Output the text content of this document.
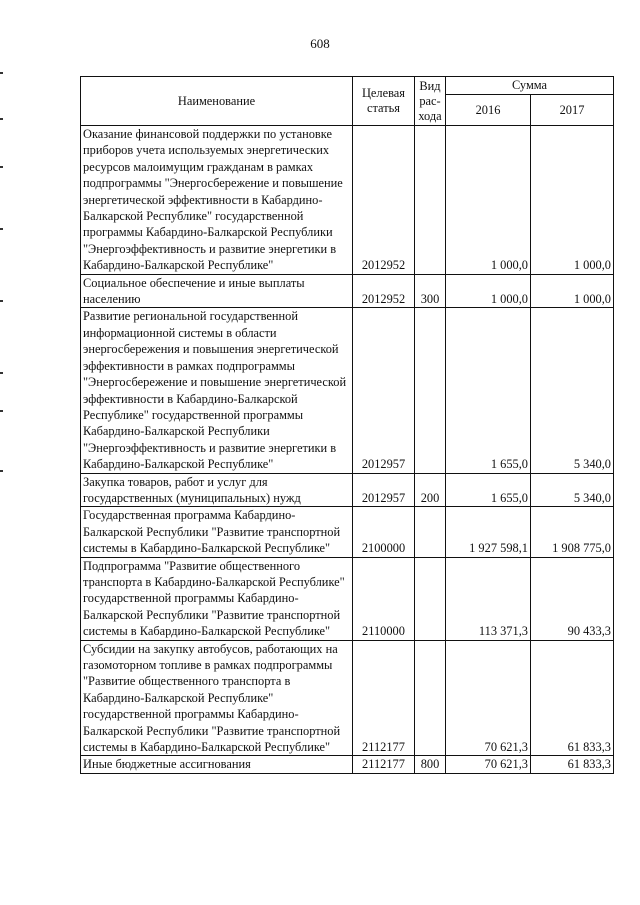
608
Наименование	Целевая статья	Вид рас-хода	Сумма	
			2016	2017
Оказание финансовой поддержки по установке приборов учета используемых энергетических ресурсов малоимущим гражданам в рамках подпрограммы "Энергосбережение и повышение энергетической эффективности в Кабардино-Балкарской Республике" государственной программы Кабардино-Балкарской Республики "Энергоэффективность и развитие энергетики в Кабардино-Балкарской Республике"	2012952		1 000,0	1 000,0
Социальное обеспечение и иные выплаты населению	2012952	300	1 000,0	1 000,0
Развитие региональной государственной информационной системы в области энергосбережения и повышения энергетической эффективности в рамках подпрограммы "Энергосбережение и повышение энергетической эффективности в Кабардино-Балкарской Республике" государственной программы Кабардино-Балкарской Республики "Энергоэффективность и развитие энергетики в Кабардино-Балкарской Республике"	2012957		1 655,0	5 340,0
Закупка товаров, работ и услуг для государственных (муниципальных) нужд	2012957	200	1 655,0	5 340,0
Государственная программа Кабардино-Балкарской Республики "Развитие транспортной системы в Кабардино-Балкарской Республике"	2100000		1 927 598,1	1 908 775,0
Подпрограмма "Развитие общественного транспорта в Кабардино-Балкарской Республике" государственной программы Кабардино-Балкарской Республики "Развитие транспортной системы в Кабардино-Балкарской Республике"	2110000		113 371,3	90 433,3
Субсидии на закупку автобусов, работающих на газомоторном топливе в рамках подпрограммы "Развитие общественного транспорта в Кабардино-Балкарской Республике" государственной программы Кабардино-Балкарской Республики "Развитие транспортной системы в Кабардино-Балкарской Республике"	2112177		70 621,3	61 833,3
Иные бюджетные ассигнования	2112177	800	70 621,3	61 833,3
